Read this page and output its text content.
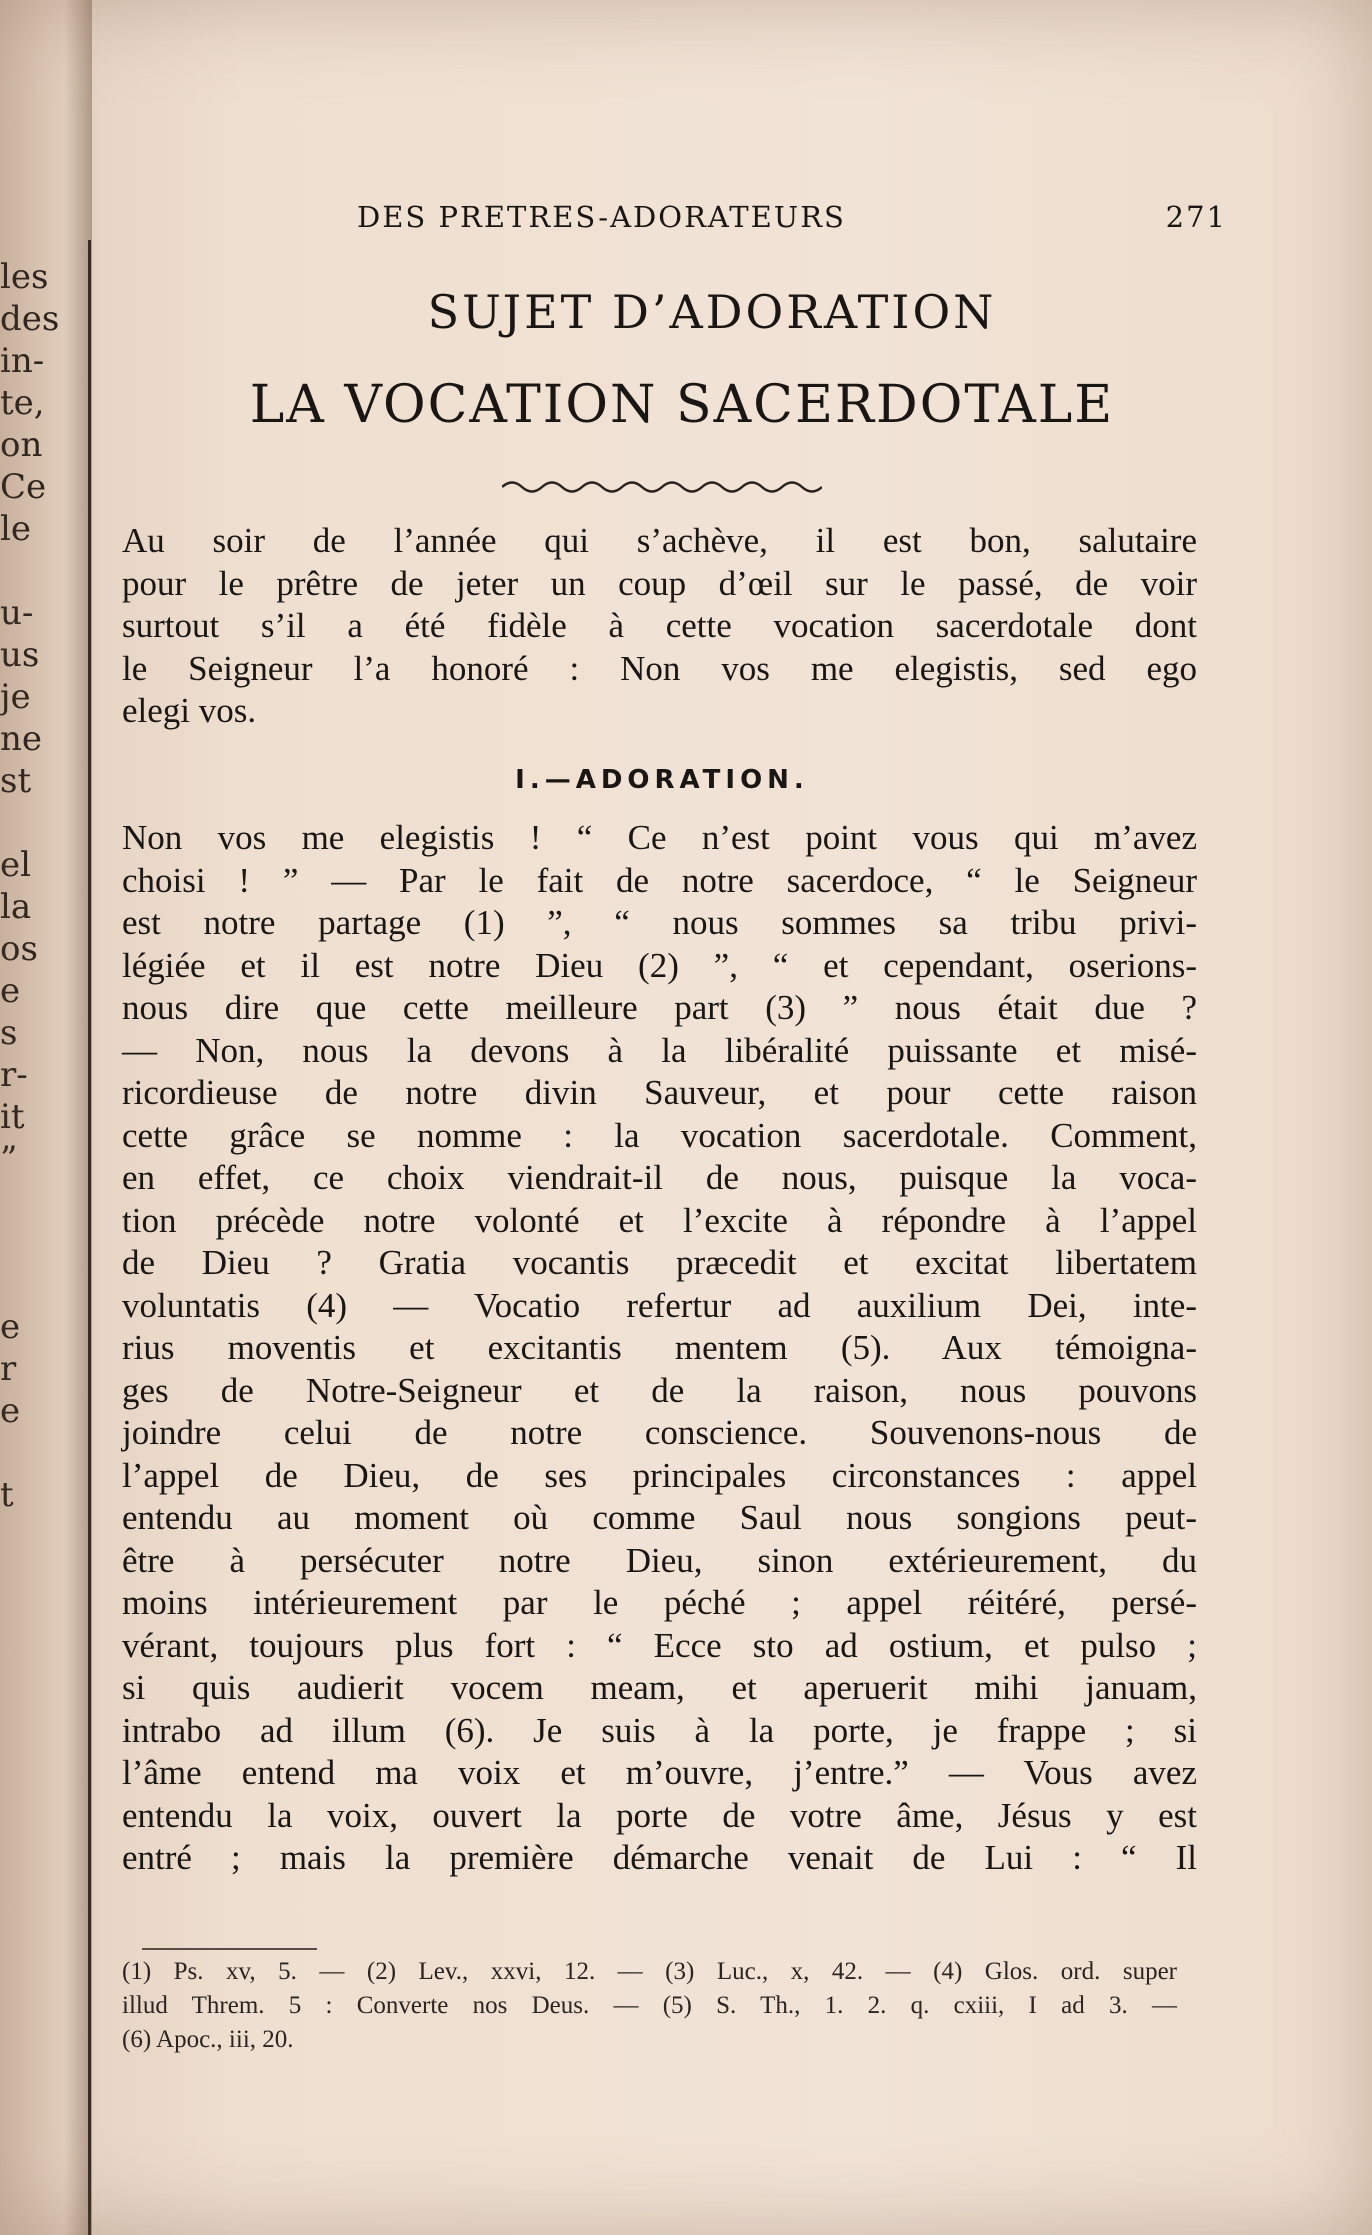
les
des
in-
te,
on
Ce
le
u-
us
je
ne
st
el
la
os
e
s
r-
it
”
e
r
e
t
DES PRETRES-ADORATEURS	271
SUJET D’ADORATION
LA VOCATION SACERDOTALE
Au soir de l’année qui s’achève, il est bon, salutaire
pour le prêtre de jeter un coup d’œil sur le passé, de voir
surtout s’il a été fidèle à cette vocation sacerdotale dont
le Seigneur l’a honoré : Non vos me elegistis, sed ego
elegi vos.
I.—ADORATION.
Non vos me elegistis ! “ Ce n’est point vous qui m’avez
choisi ! ” — Par le fait de notre sacerdoce, “ le Seigneur
est notre partage (1) ”, “ nous sommes sa tribu privi-
légiée et il est notre Dieu (2) ”, “ et cependant, oserions-
nous dire que cette meilleure part (3) ” nous était due ?
— Non, nous la devons à la libéralité puissante et misé-
ricordieuse de notre divin Sauveur, et pour cette raison
cette grâce se nomme : la vocation sacerdotale. Comment,
en effet, ce choix viendrait-il de nous, puisque la voca-
tion précède notre volonté et l’excite à répondre à l’appel
de Dieu ? Gratia vocantis præcedit et excitat libertatem
voluntatis (4) — Vocatio refertur ad auxilium Dei, inte-
rius moventis et excitantis mentem (5). Aux témoigna-
ges de Notre-Seigneur et de la raison, nous pouvons
joindre celui de notre conscience. Souvenons-nous de
l’appel de Dieu, de ses principales circonstances : appel
entendu au moment où comme Saul nous songions peut-
être à persécuter notre Dieu, sinon extérieurement, du
moins intérieurement par le péché ; appel réitéré, persé-
vérant, toujours plus fort : “ Ecce sto ad ostium, et pulso ;
si quis audierit vocem meam, et aperuerit mihi januam,
intrabo ad illum (6). Je suis à la porte, je frappe ; si
l’âme entend ma voix et m’ouvre, j’entre.” — Vous avez
entendu la voix, ouvert la porte de votre âme, Jésus y est
entré ; mais la première démarche venait de Lui : “ Il
(1) Ps. xv, 5. — (2) Lev., xxvi, 12. — (3) Luc., x, 42. — (4) Glos. ord. super
illud Threm. 5 : Converte nos Deus. — (5) S. Th., 1. 2. q. cxiii, I ad 3. —
(6) Apoc., iii, 20.
